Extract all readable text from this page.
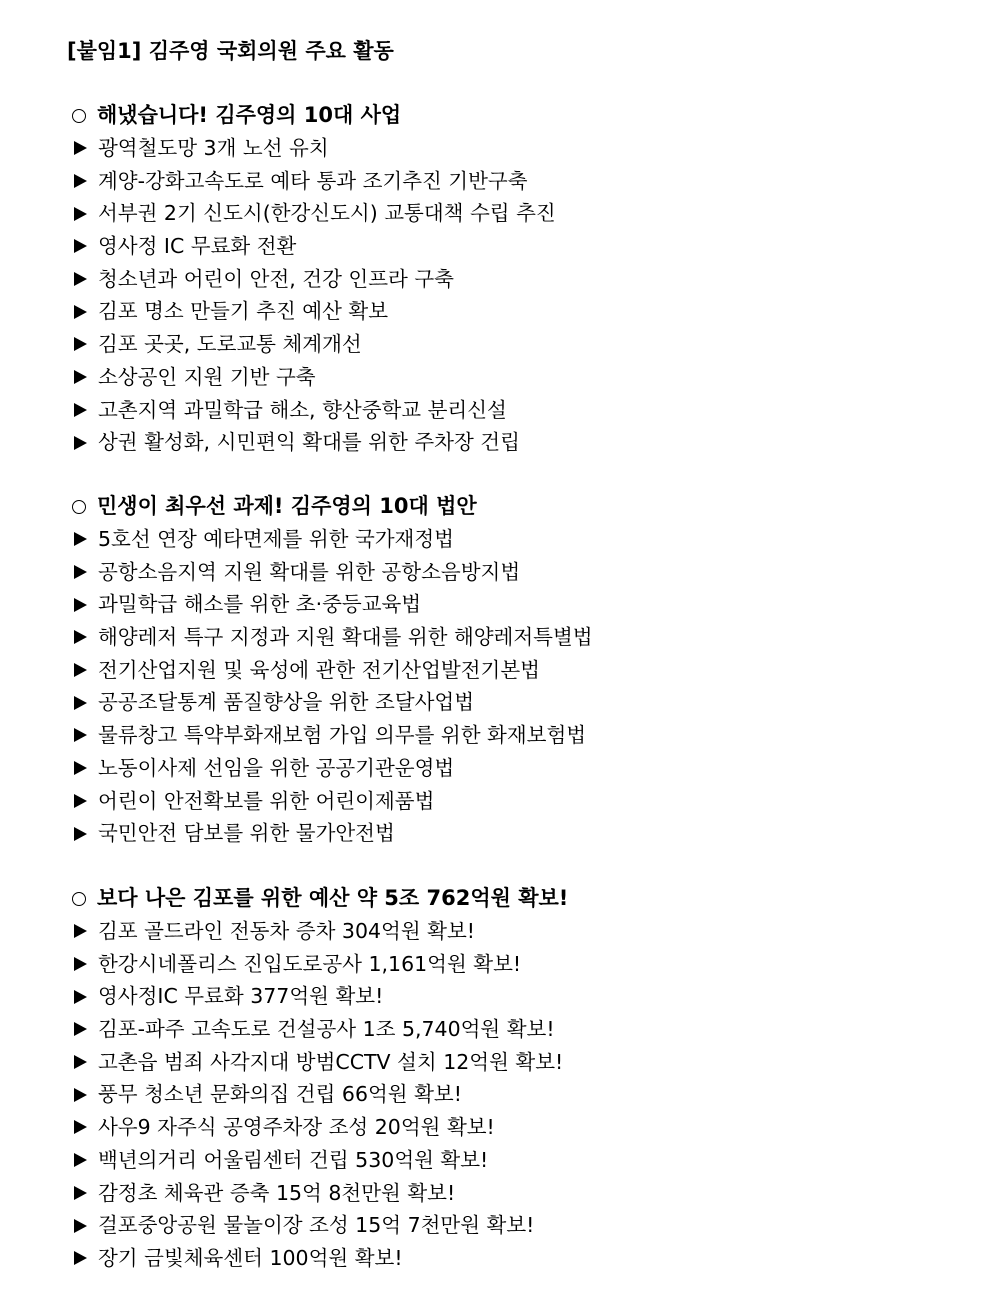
[붙임1] 김주영 국회의원 주요 활동
해냈습니다! 김주영의 10대 사업
광역철도망 3개 노선 유치
계양-강화고속도로 예타 통과 조기추진 기반구축
서부권 2기 신도시(한강신도시) 교통대책 수립 추진
영사정 IC 무료화 전환
청소년과 어린이 안전, 건강 인프라 구축
김포 명소 만들기 추진 예산 확보
김포 곳곳, 도로교통 체계개선
소상공인 지원 기반 구축
고촌지역 과밀학급 해소, 향산중학교 분리신설
상권 활성화, 시민편익 확대를 위한 주차장 건립
민생이 최우선 과제! 김주영의 10대 법안
5호선 연장 예타면제를 위한 국가재정법
공항소음지역 지원 확대를 위한 공항소음방지법
과밀학급 해소를 위한 초·중등교육법
해양레저 특구 지정과 지원 확대를 위한 해양레저특별법
전기산업지원 및 육성에 관한 전기산업발전기본법
공공조달통계 품질향상을 위한 조달사업법
물류창고 특약부화재보험 가입 의무를 위한 화재보험법
노동이사제 선임을 위한 공공기관운영법
어린이 안전확보를 위한 어린이제품법
국민안전 담보를 위한 물가안전법
보다 나은 김포를 위한 예산 약 5조 762억원 확보!
김포 골드라인 전동차 증차 304억원 확보!
한강시네폴리스 진입도로공사 1,161억원 확보!
영사정IC 무료화 377억원 확보!
김포-파주 고속도로 건설공사 1조 5,740억원 확보!
고촌읍 범죄 사각지대 방범CCTV 설치 12억원 확보!
풍무 청소년 문화의집 건립 66억원 확보!
사우9 자주식 공영주차장 조성 20억원 확보!
백년의거리 어울림센터 건립 530억원 확보!
감정초 체육관 증축 15억 8천만원 확보!
걸포중앙공원 물놀이장 조성 15억 7천만원 확보!
장기 금빛체육센터 100억원 확보!
